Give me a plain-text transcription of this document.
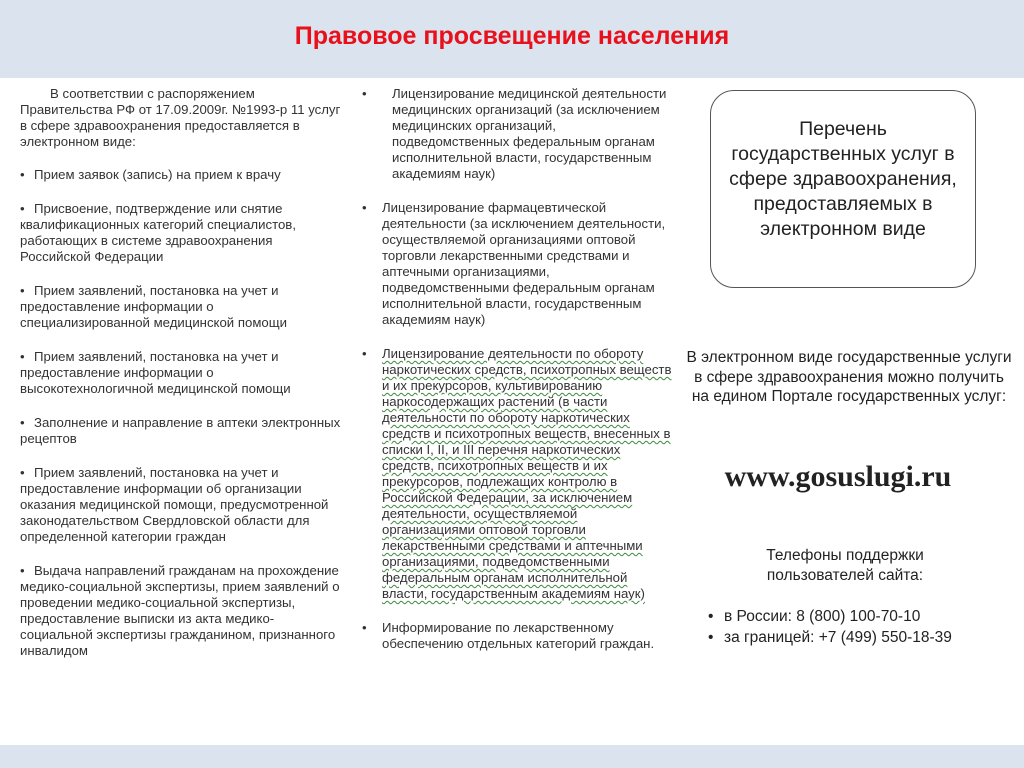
Правовое просвещение населения

В соответствии с распоряжением Правительства РФ от 17.09.2009г. №1993-р 11 услуг в сфере здравоохранения предоставляется в электронном виде:

• Прием заявок (запись) на прием к врачу

• Присвоение, подтверждение или снятие квалификационных категорий специалистов, работающих в системе здравоохранения Российской Федерации

• Прием заявлений, постановка на учет и предоставление информации о специализированной медицинской помощи

• Прием заявлений, постановка на учет и предоставление информации о высокотехнологичной медицинской помощи

• Заполнение и направление в аптеки электронных рецептов

• Прием заявлений, постановка на учет и предоставление информации об организации оказания медицинской помощи, предусмотренной законодательством Свердловской области для определенной категории граждан

• Выдача направлений гражданам на прохождение медико-социальной экспертизы, прием заявлений о проведении медико-социальной экспертизы, предоставление выписки из акта медико-социальной экспертизы гражданином, признанного инвалидом

•	Лицензирование медицинской деятельности медицинских организаций (за исключением медицинских организаций, подведомственных федеральным органам исполнительной власти, государственным академиям наук)

•	Лицензирование фармацевтической деятельности (за исключением деятельности, осуществляемой организациями оптовой торговли лекарственными средствами и аптечными организациями, подведомственными федеральным органам исполнительной власти, государственным академиям наук)

•	Лицензирование деятельности по обороту наркотических средств, психотропных веществ и их прекурсоров, культивированию наркосодержащих растений (в части деятельности по обороту наркотических средств и психотропных веществ, внесенных в списки I, II, и III перечня наркотических средств, психотропных веществ и их прекурсоров, подлежащих контролю в Российской Федерации, за исключением деятельности, осуществляемой организациями оптовой торговли лекарственными средствами и аптечными организациями, подведомственными федеральным органам исполнительной власти, государственным академиям наук)

•	Информирование по лекарственному обеспечению отдельных категорий граждан.

Перечень государственных услуг в сфере здравоохранения, предоставляемых в электронном виде
В электронном виде государственные услуги в сфере здравоохранения можно получить на едином Портале государственных услуг:
www.gosuslugi.ru
Телефоны поддержки пользователей сайта:
• в России: 8 (800) 100-70-10
• за границей: +7 (499) 550-18-39
